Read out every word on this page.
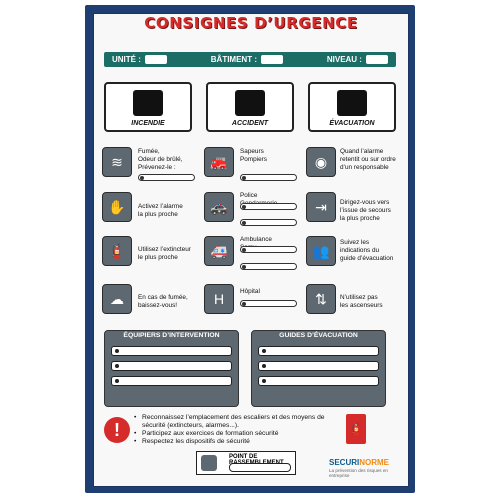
CONSIGNES D’URGENCE
UNITÉ :	BÂTIMENT :	NIVEAU :
INCENDIE	ACCIDENT	ÉVACUATION
≋
Fumée,
Odeur de brûlé,
Prévenez-le :	🚒
Sapeurs
Pompiers	◉
Quand l’alarme
retentit ou sur ordre
d’un responsable
✋	Activez l’alarme
la plus proche	🚓
Police

⇥	Dirigez-vous vers
l’issue de secours
la plus proche
🧯	Utilisez l’extincteur
le plus proche	🚑
Ambulance

👥	Suivez les
indications du
guide d’évacuation
☁	En cas de fumée,
baissez-vous!	H	Hôpital	⇅	N’utilisez pas
les ascenseurs
ÉQUIPIERS D’INTERVENTION	GUIDES D’ÉVACUATION
!
• Reconnaissez l’emplacement des escaliers et des moyens de sécurité (extincteurs, alarmes...).
• Participez aux exercices de formation sécurité
• Respectez les dispositifs de sécurité
🧯
POINT DE RASSEMBLEMENT	SECURINORME
La prévention des risques en entreprise
